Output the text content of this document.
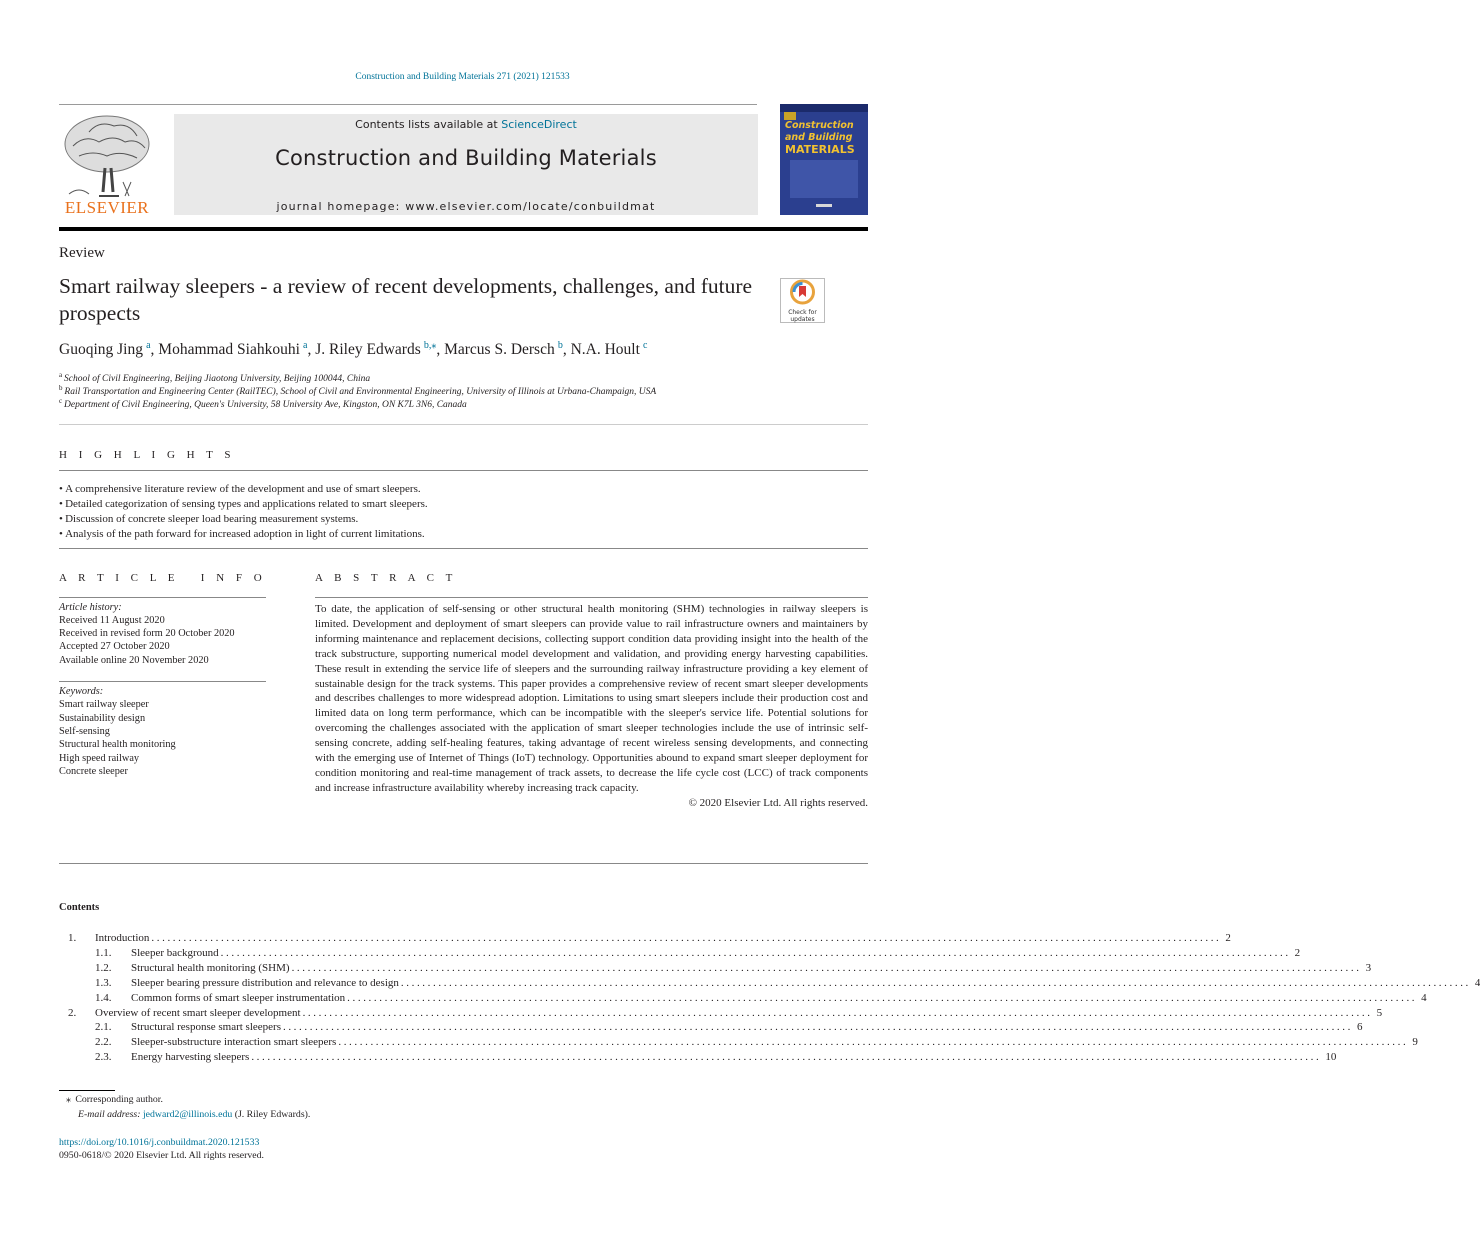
Construction and Building Materials 271 (2021) 121533
ELSEVIER
Contents lists available at ScienceDirect
Construction and Building Materials
journal homepage: www.elsevier.com/locate/conbuildmat
Construction and Building
MATERIALS
Review
Smart railway sleepers - a review of recent developments, challenges, and future prospects	Check for updates
Guoqing Jing  $^a$, Mohammad Siahkouhi  $^a$, J. Riley Edwards  $^{b,⁎}$, Marcus S. Dersch  $^b$, N.A. Hoult  $^c$
$^a$  School of Civil Engineering, Beijing Jiaotong University, Beijing 100044, China
$^b$  Rail Transportation and Engineering Center (RailTEC), School of Civil and Environmental Engineering, University of Illinois at Urbana-Champaign, USA
$^c$  Department of Civil Engineering, Queen's University, 58 University Ave, Kingston, ON K7L 3N6, Canada
H I G H L I G H T S
• A comprehensive literature review of the development and use of smart sleepers.
• Detailed categorization of sensing types and applications related to smart sleepers.
• Discussion of concrete sleeper load bearing measurement systems.
• Analysis of the path forward for increased adoption in light of current limitations.
A R T I C L E   I N F O
Article history:
Received 11 August 2020
Received in revised form 20 October 2020
Accepted 27 October 2020
Available online 20 November 2020
Keywords:
Smart railway sleeper
Sustainability design
Self-sensing
Structural health monitoring
High speed railway
Concrete sleeper
A B S T R A C T
To date, the application of self-sensing or other structural health monitoring (SHM) technologies in railway sleepers is limited. Development and deployment of smart sleepers can provide value to rail infrastructure owners and maintainers by informing maintenance and replacement decisions, collecting support condition data providing insight into the health of the track substructure, supporting numerical model development and validation, and providing energy harvesting capabilities. These result in extending the service life of sleepers and the surrounding railway infrastructure providing a key element of sustainable design for the track systems. This paper provides a comprehensive review of recent smart sleeper developments and describes challenges to more widespread adoption. Limitations to using smart sleepers include their production cost and limited data on long term performance, which can be incompatible with the sleeper's service life. Potential solutions for overcoming the challenges associated with the application of smart sleeper technologies include the use of intrinsic self-sensing concrete, adding self-healing features, taking advantage of recent wireless sensing developments, and connecting with the emerging use of Internet of Things (IoT) technology. Opportunities abound to expand smart sleeper deployment for condition monitoring and real-time management of track assets, to decrease the life cycle cost (LCC) of track components and increase infrastructure availability whereby increasing track capacity.
© 2020 Elsevier Ltd. All rights reserved.
Contents
1.	Introduction ........................................................................................................................................................................................................ 2
1.1.	Sleeper background ........................................................................................................................................................................................................ 2
1.2.	Structural health monitoring (SHM) ........................................................................................................................................................................................................ 3
1.3.	Sleeper bearing pressure distribution and relevance to design ........................................................................................................................................................................................................ 4
1.4.	Common forms of smart sleeper instrumentation ........................................................................................................................................................................................................ 4
2.	Overview of recent smart sleeper development ........................................................................................................................................................................................................ 5
2.1.	Structural response smart sleepers ........................................................................................................................................................................................................ 6
2.2.	Sleeper-substructure interaction smart sleepers ........................................................................................................................................................................................................ 9
2.3.	Energy harvesting sleepers ........................................................................................................................................................................................................ 10
⁎  Corresponding author.
E-mail address: jedward2@illinois.edu (J. Riley Edwards).
https://doi.org/10.1016/j.conbuildmat.2020.121533
0950-0618/© 2020 Elsevier Ltd. All rights reserved.
